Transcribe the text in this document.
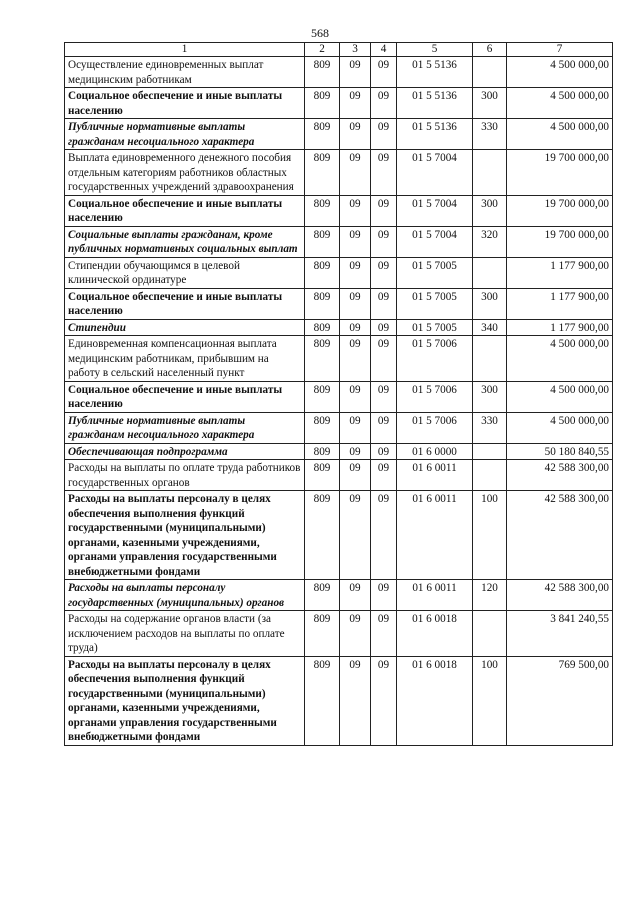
568
1	2	3	4	5	6	7
Осуществление единовременных выплат медицинским работникам	809	09	09	01 5 5136		4 500 000,00
Социальное обеспечение и иные выплаты населению	809	09	09	01 5 5136	300	4 500 000,00
Публичные нормативные выплаты гражданам несоциального характера	809	09	09	01 5 5136	330	4 500 000,00
Выплата единовременного денежного пособия отдельным категориям работников областных государственных учреждений здравоохранения	809	09	09	01 5 7004		19 700 000,00
Социальное обеспечение и иные выплаты населению	809	09	09	01 5 7004	300	19 700 000,00
Социальные выплаты гражданам, кроме публичных нормативных социальных выплат	809	09	09	01 5 7004	320	19 700 000,00
Стипендии обучающимся в целевой клинической ординатуре	809	09	09	01 5 7005		1 177 900,00
Социальное обеспечение и иные выплаты населению	809	09	09	01 5 7005	300	1 177 900,00
Стипендии	809	09	09	01 5 7005	340	1 177 900,00
Единовременная компенсационная выплата медицинским работникам, прибывшим на работу в сельский населенный пункт	809	09	09	01 5 7006		4 500 000,00
Социальное обеспечение и иные выплаты населению	809	09	09	01 5 7006	300	4 500 000,00
Публичные нормативные выплаты гражданам несоциального характера	809	09	09	01 5 7006	330	4 500 000,00
Обеспечивающая подпрограмма	809	09	09	01 6 0000		50 180 840,55
Расходы на выплаты по оплате труда работников государственных органов	809	09	09	01 6 0011		42 588 300,00
Расходы на выплаты персоналу в целях обеспечения выполнения функций государственными (муниципальными) органами, казенными учреждениями, органами управления государственными внебюджетными фондами	809	09	09	01 6 0011	100	42 588 300,00
Расходы на выплаты персоналу государственных (муниципальных) органов	809	09	09	01 6 0011	120	42 588 300,00
Расходы на содержание органов власти (за исключением расходов на выплаты по оплате труда)	809	09	09	01 6 0018		3 841 240,55
Расходы на выплаты персоналу в целях обеспечения выполнения функций государственными (муниципальными) органами, казенными учреждениями, органами управления государственными внебюджетными фондами	809	09	09	01 6 0018	100	769 500,00
